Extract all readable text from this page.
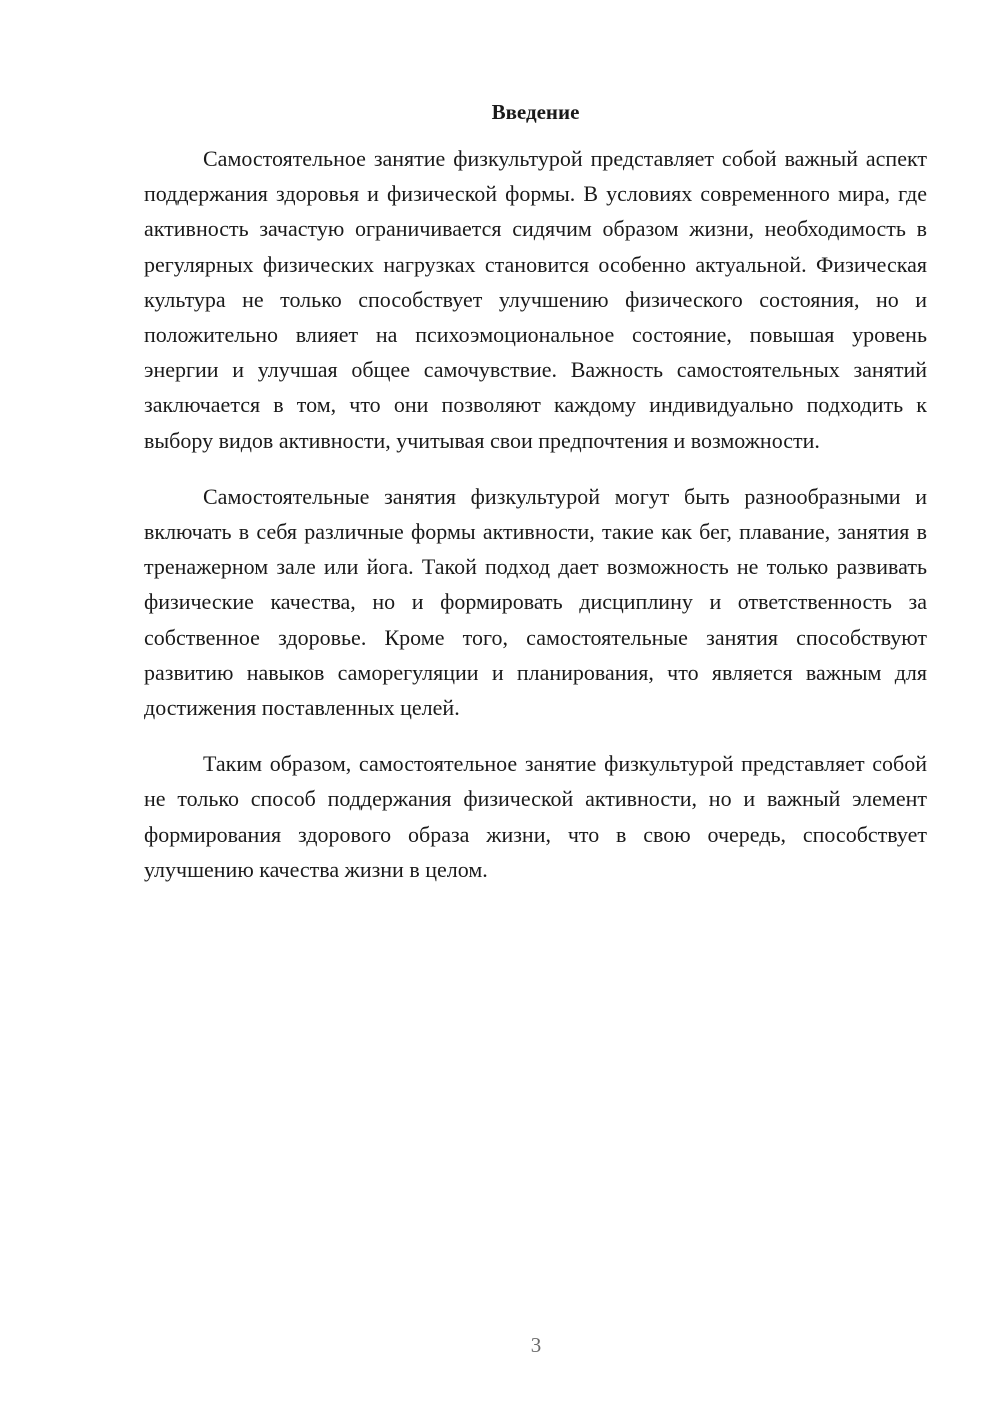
Введение

Самостоятельное занятие физкультурой представляет собой важный аспект поддержания здоровья и физической формы. В условиях современного мира, где активность зачастую ограничивается сидячим образом жизни, необходимость в регулярных физических нагрузках становится особенно актуальной. Физическая культура не только способствует улучшению физического состояния, но и положительно влияет на психоэмоциональное состояние, повышая уровень энергии и улучшая общее самочувствие. Важность самостоятельных занятий заключается в том, что они позволяют каждому индивидуально подходить к выбору видов активности, учитывая свои предпочтения и возможности.

Самостоятельные занятия физкультурой могут быть разнообразными и включать в себя различные формы активности, такие как бег, плавание, занятия в тренажерном зале или йога. Такой подход дает возможность не только развивать физические качества, но и формировать дисциплину и ответственность за собственное здоровье. Кроме того, самостоятельные занятия способствуют развитию навыков саморегуляции и планирования, что является важным для достижения поставленных целей.

Таким образом, самостоятельное занятие физкультурой представляет собой не только способ поддержания физической активности, но и важный элемент формирования здорового образа жизни, что в свою очередь, способствует улучшению качества жизни в целом.

3
